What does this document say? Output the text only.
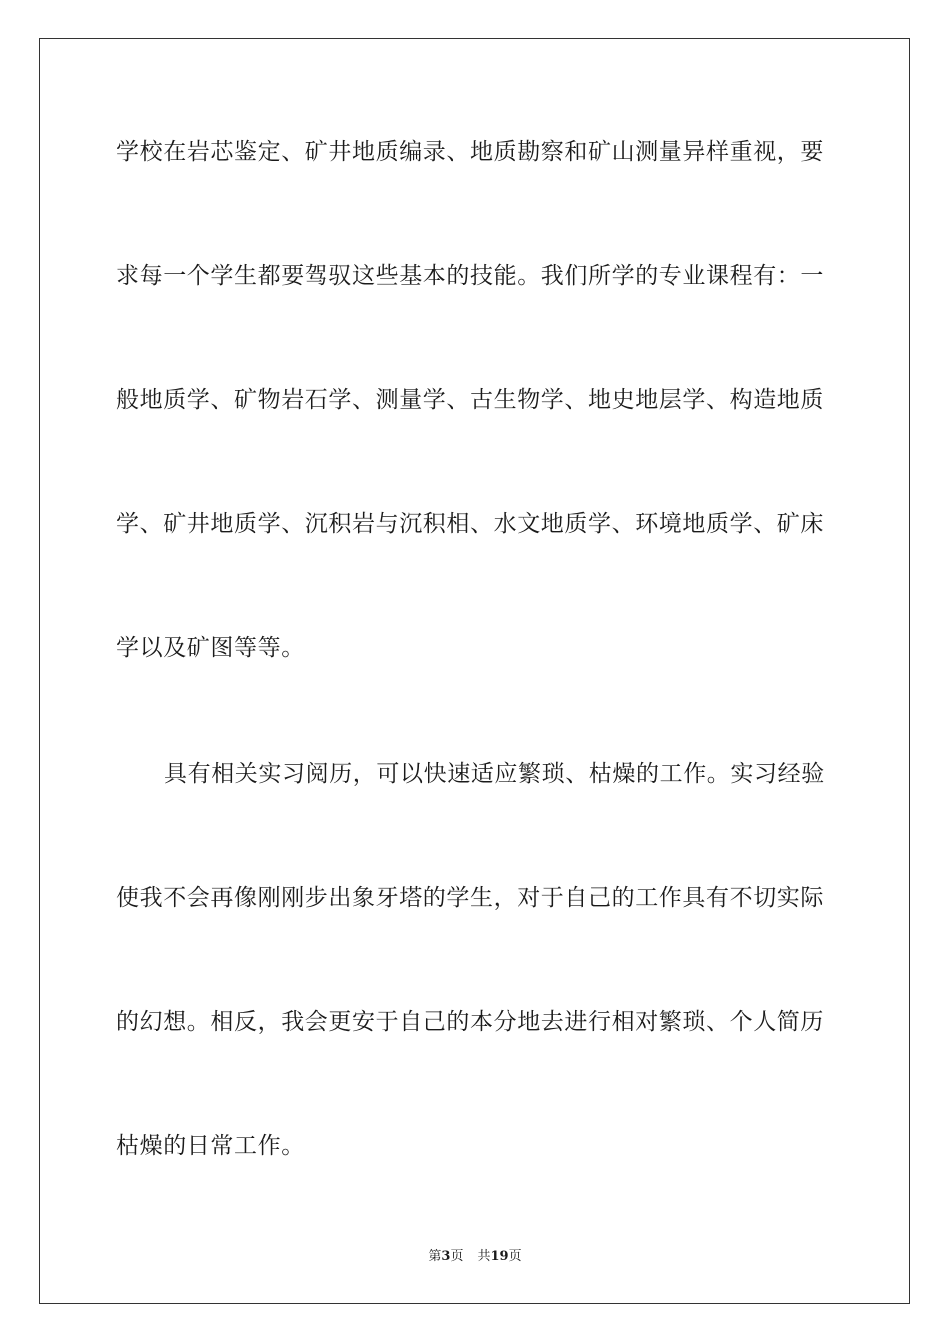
学校在岩芯鉴定、矿井地质编录、地质勘察和矿山测量异样重视，要
求每一个学生都要驾驭这些基本的技能。我们所学的专业课程有：一
般地质学、矿物岩石学、测量学、古生物学、地史地层学、构造地质
学、矿井地质学、沉积岩与沉积相、水文地质学、环境地质学、矿床
学以及矿图等等。
具有相关实习阅历，可以快速适应繁琐、枯燥的工作。实习经验
使我不会再像刚刚步出象牙塔的学生，对于自己的工作具有不切实际
的幻想。相反，我会更安于自己的本分地去进行相对繁琐、个人简历
枯燥的日常工作。
第3页 共19页
